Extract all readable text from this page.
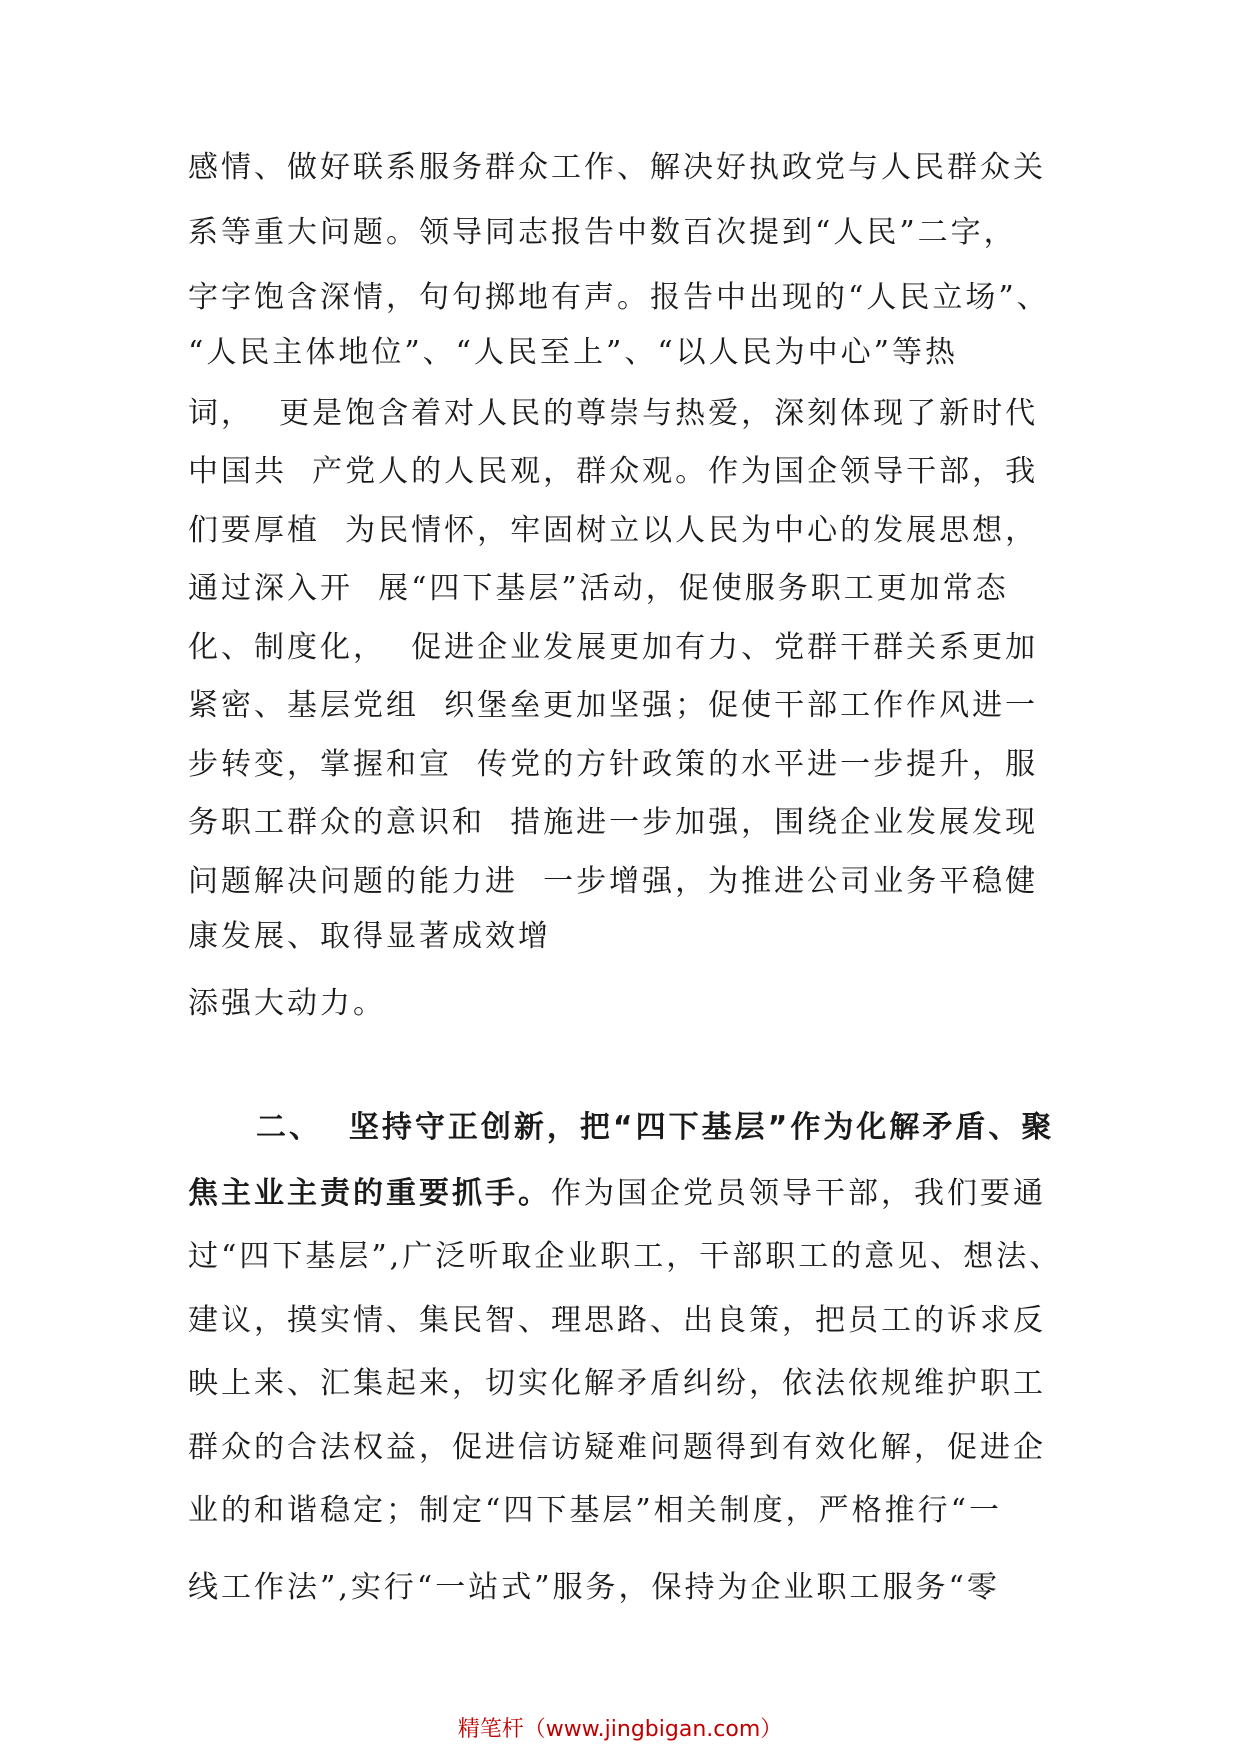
感情、做好联系服务群众工作、解决好执政党与人民群众关
系等重大问题。领导同志报告中数百次提到“人民”二字，
字字饱含深情，句句掷地有声。报告中出现的“人民立场”、
“人民主体地位”、“人民至上”、“以人民为中心”等热
词，  更是饱含着对人民的尊崇与热爱，深刻体现了新时代
中国共  产党人的人民观，群众观。作为国企领导干部，我
们要厚植  为民情怀，牢固树立以人民为中心的发展思想，
通过深入开  展“四下基层”活动，促使服务职工更加常态
化、制度化，  促进企业发展更加有力、党群干群关系更加
紧密、基层党组  织堡垒更加坚强；促使干部工作作风进一
步转变，掌握和宣  传党的方针政策的水平进一步提升，服
务职工群众的意识和  措施进一步加强，围绕企业发展发现
问题解决问题的能力进  一步增强，为推进公司业务平稳健
康发展、取得显著成效增
添强大动力。
二、  坚持守正创新，把“四下基层”作为化解矛盾、聚
焦主业主责的重要抓手。作为国企党员领导干部，我们要通
过“四下基层”,广泛听取企业职工，干部职工的意见、想法、
建议，摸实情、集民智、理思路、出良策，把员工的诉求反
映上来、汇集起来，切实化解矛盾纠纷，依法依规维护职工
群众的合法权益，促进信访疑难问题得到有效化解，促进企
业的和谐稳定；制定“四下基层”相关制度，严格推行“一
线工作法”,实行“一站式”服务，保持为企业职工服务“零
精笔杆（www.jingbigan.com）
